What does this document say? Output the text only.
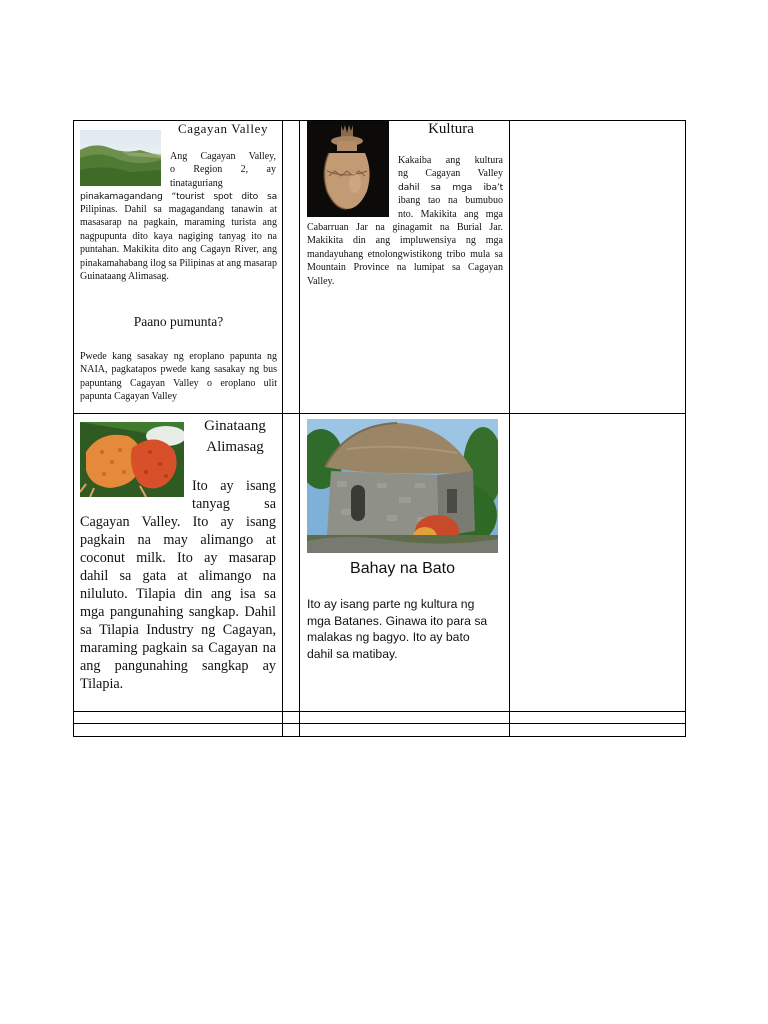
Cagayan Valley
Ang Cagayan Valley,
o Region 2, ay
tinataguriang
pinakamagandang “tourist spot dito sa
Pilipinas. Dahil sa magagandang tanawin at masasarap na pagkain, maraming turista ang nagpupunta dito kaya nagiging tanyag ito na puntahan. Makikita dito ang Cagayn River, ang pinakamahabang ilog sa Pilipinas at ang masarap Guinataang Alimasag.
Paano pumunta?
Pwede kang sasakay ng eroplano papunta ng NAIA, pagkatapos pwede kang sasakay ng bus papuntang Cagayan Valley o eroplano ulit papunta Cagayan Valley
Kultura
Kakaiba ang kultura
ng Cagayan Valley
dahil sa mga iba’t
ibang tao na bumubuo
nto. Makikita ang mga
Cabarruan Jar na ginagamit na Burial Jar. Makikita din ang impluwensiya ng mga mandayuhang etnolongwistikong tribo mula sa Mountain Province na lumipat sa Cagayan Valley.
Ginataang
Alimasag
Ito ay isang
tanyag sa
Cagayan Valley. Ito ay isang pagkain na may alimango at coconut milk. Ito ay masarap dahil sa gata at alimango na niluluto. Tilapia din ang isa sa mga pangunahing sangkap. Dahil sa Tilapia Industry ng Cagayan, maraming pagkain sa Cagayan na ang pangunahing sangkap ay Tilapia.
Bahay na Bato
Ito ay isang parte ng kultura ng
mga Batanes. Ginawa ito para sa
malakas ng bagyo. Ito ay bato
dahil sa matibay.
